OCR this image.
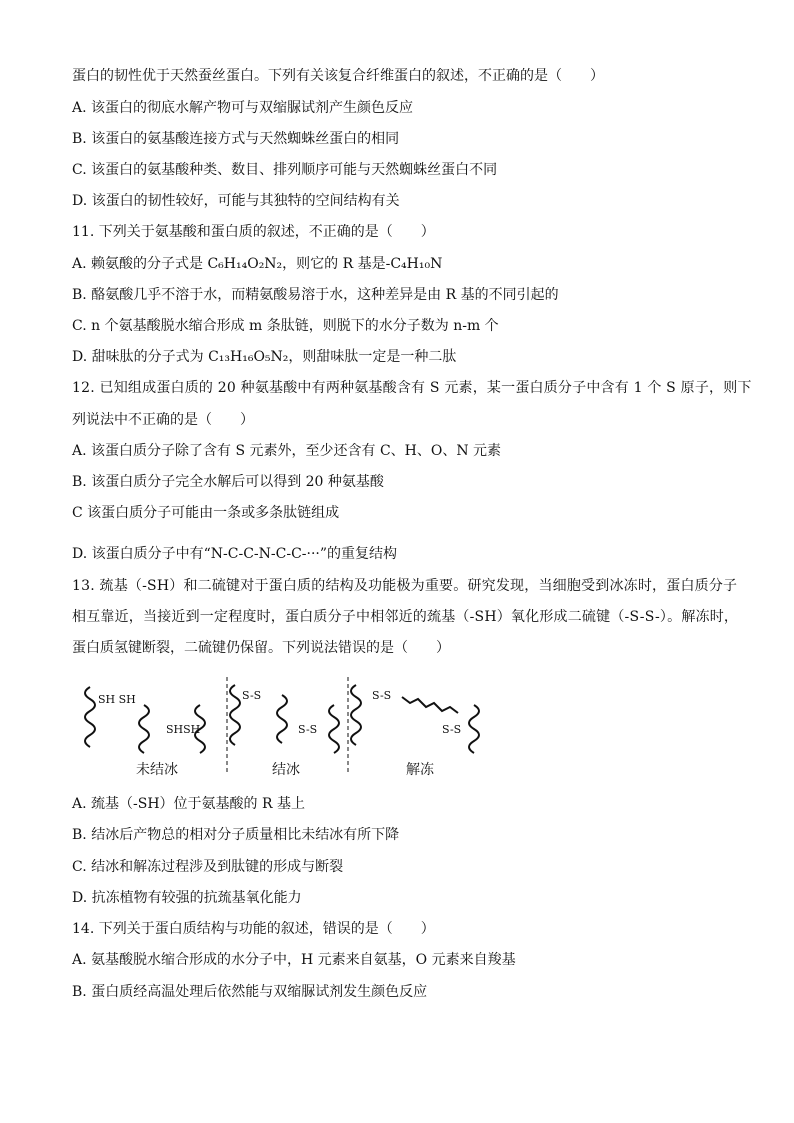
蛋白的韧性优于天然蚕丝蛋白。下列有关该复合纤维蛋白的叙述，不正确的是（　　）
A. 该蛋白的彻底水解产物可与双缩脲试剂产生颜色反应
B. 该蛋白的氨基酸连接方式与天然蜘蛛丝蛋白的相同
C. 该蛋白的氨基酸种类、数目、排列顺序可能与天然蜘蛛丝蛋白不同
D. 该蛋白的韧性较好，可能与其独特的空间结构有关
11. 下列关于氨基酸和蛋白质的叙述，不正确的是（　　）
A. 赖氨酸的分子式是 C₆H₁₄O₂N₂，则它的 R 基是-C₄H₁₀N
B. 酪氨酸几乎不溶于水，而精氨酸易溶于水，这种差异是由 R 基的不同引起的
C. n 个氨基酸脱水缩合形成 m 条肽链，则脱下的水分子数为 n-m 个
D. 甜味肽的分子式为 C₁₃H₁₆O₅N₂，则甜味肽一定是一种二肽
12. 已知组成蛋白质的 20 种氨基酸中有两种氨基酸含有 S 元素，某一蛋白质分子中含有 1 个 S 原子，则下
列说法中不正确的是（　　）
A. 该蛋白质分子除了含有 S 元素外，至少还含有 C、H、O、N 元素
B. 该蛋白质分子完全水解后可以得到 20 种氨基酸
C 该蛋白质分子可能由一条或多条肽链组成
D. 该蛋白质分子中有“N-C-C-N-C-C-···”的重复结构
13. 巯基（-SH）和二硫键对于蛋白质的结构及功能极为重要。研究发现，当细胞受到冰冻时，蛋白质分子
相互靠近，当接近到一定程度时，蛋白质分子中相邻近的巯基（-SH）氧化形成二硫键（-S-S-）。解冻时，
蛋白质氢键断裂，二硫键仍保留。下列说法错误的是（　　）
SH SH
SHSH
S-S
S-S
S-S
S-S
未结冰	结冰	解冻
A. 巯基（-SH）位于氨基酸的 R 基上
B. 结冰后产物总的相对分子质量相比未结冰有所下降
C. 结冰和解冻过程涉及到肽键的形成与断裂
D. 抗冻植物有较强的抗巯基氧化能力
14. 下列关于蛋白质结构与功能的叙述，错误的是（　　）
A. 氨基酸脱水缩合形成的水分子中，H 元素来自氨基，O 元素来自羧基
B. 蛋白质经高温处理后依然能与双缩脲试剂发生颜色反应
